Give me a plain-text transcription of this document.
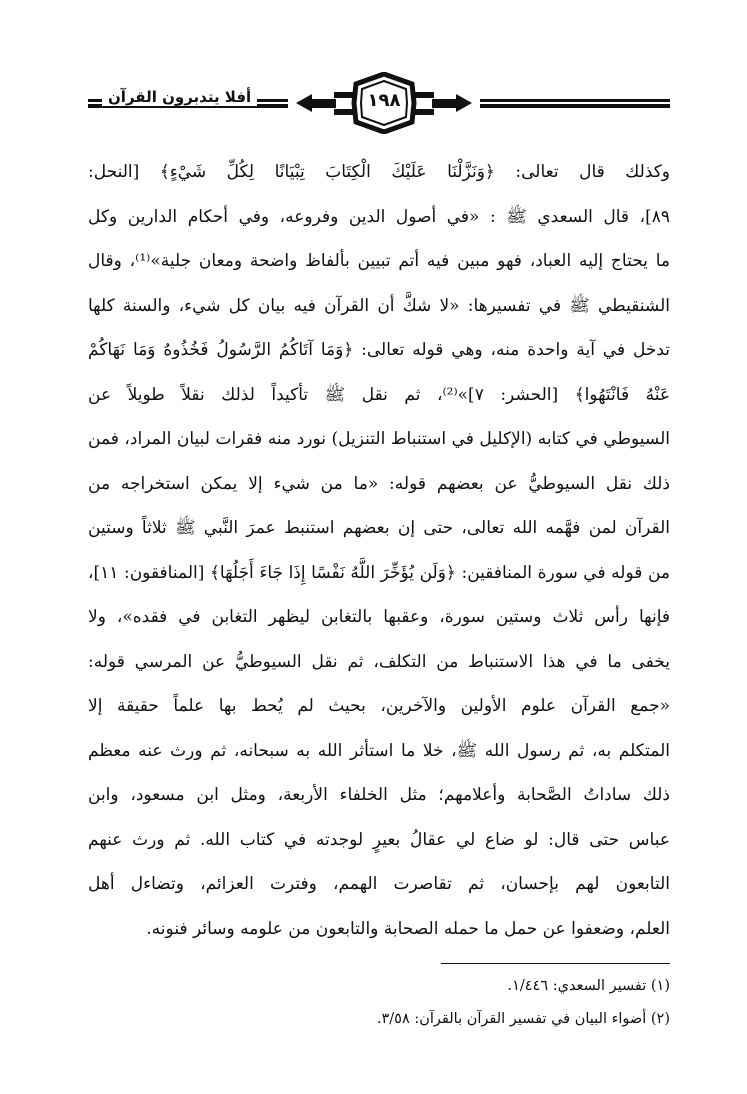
أفلا يتدبرون القرآن	١٩٨
وكذلك قال تعالى: ﴿وَنَزَّلْنَا عَلَيْكَ الْكِتَابَ تِبْيَانًا لِكُلِّ شَيْءٍ﴾ [النحل:
٨٩]، قال السعدي ﷺ : «في أصول الدين وفروعه، وفي أحكام الدارين وكل
ما يحتاج إليه العباد، فهو مبين فيه أتم تبيين بألفاظ واضحة ومعان جلية»⁽¹⁾، وقال
الشنقيطي ﷺ في تفسيرها: «لا شكَّ أن القرآن فيه بيان كل شيء، والسنة كلها
تدخل في آية واحدة منه، وهي قوله تعالى: ﴿وَمَا آتَاكُمُ الرَّسُولُ فَخُذُوهُ وَمَا نَهَاكُمْ
عَنْهُ فَانْتَهُوا﴾ [الحشر: ٧]»⁽²⁾، ثم نقل ﷺ تأكيداً لذلك نقلاً طويلاً عن
السيوطي في كتابه (الإكليل في استنباط التنزيل) نورد منه فقرات لبيان المراد، فمن
ذلك نقل السيوطيُّ عن بعضهم قوله: «ما من شيء إلا يمكن استخراجه من
القرآن لمن فهَّمه الله تعالى، حتى إن بعضهم استنبط عمرَ النَّبي ﷺ ثلاثاً وستين
من قوله في سورة المنافقين: ﴿وَلَن يُؤَخِّرَ اللَّهُ نَفْسًا إِذَا جَاءَ أَجَلُهَا﴾ [المنافقون: ١١]،
فإنها رأس ثلاث وستين سورة، وعقبها بالتغابن ليظهر التغابن في فقده»، ولا
يخفى ما في هذا الاستنباط من التكلف، ثم نقل السيوطيُّ عن المرسي قوله:
«جمع القرآن علوم الأولين والآخرين، بحيث لم يُحط بها علماً حقيقة إلا
المتكلم به، ثم رسول الله ﷺ، خلا ما استأثر الله به سبحانه، ثم ورث عنه معظم
ذلك ساداتُ الصَّحابة وأعلامهم؛ مثل الخلفاء الأربعة، ومثل ابن مسعود، وابن
عباس حتى قال: لو ضاع لي عقالُ بعيرٍ لوجدته في كتاب الله. ثم ورث عنهم
التابعون لهم بإحسان، ثم تقاصرت الهمم، وفترت العزائم، وتضاءل أهل
العلم، وضعفوا عن حمل ما حمله الصحابة والتابعون من علومه وسائر فنونه.
(١) تفسير السعدي: ١/٤٤٦.
(٢) أضواء البيان في تفسير القرآن بالقرآن: ٣/٥٨.
